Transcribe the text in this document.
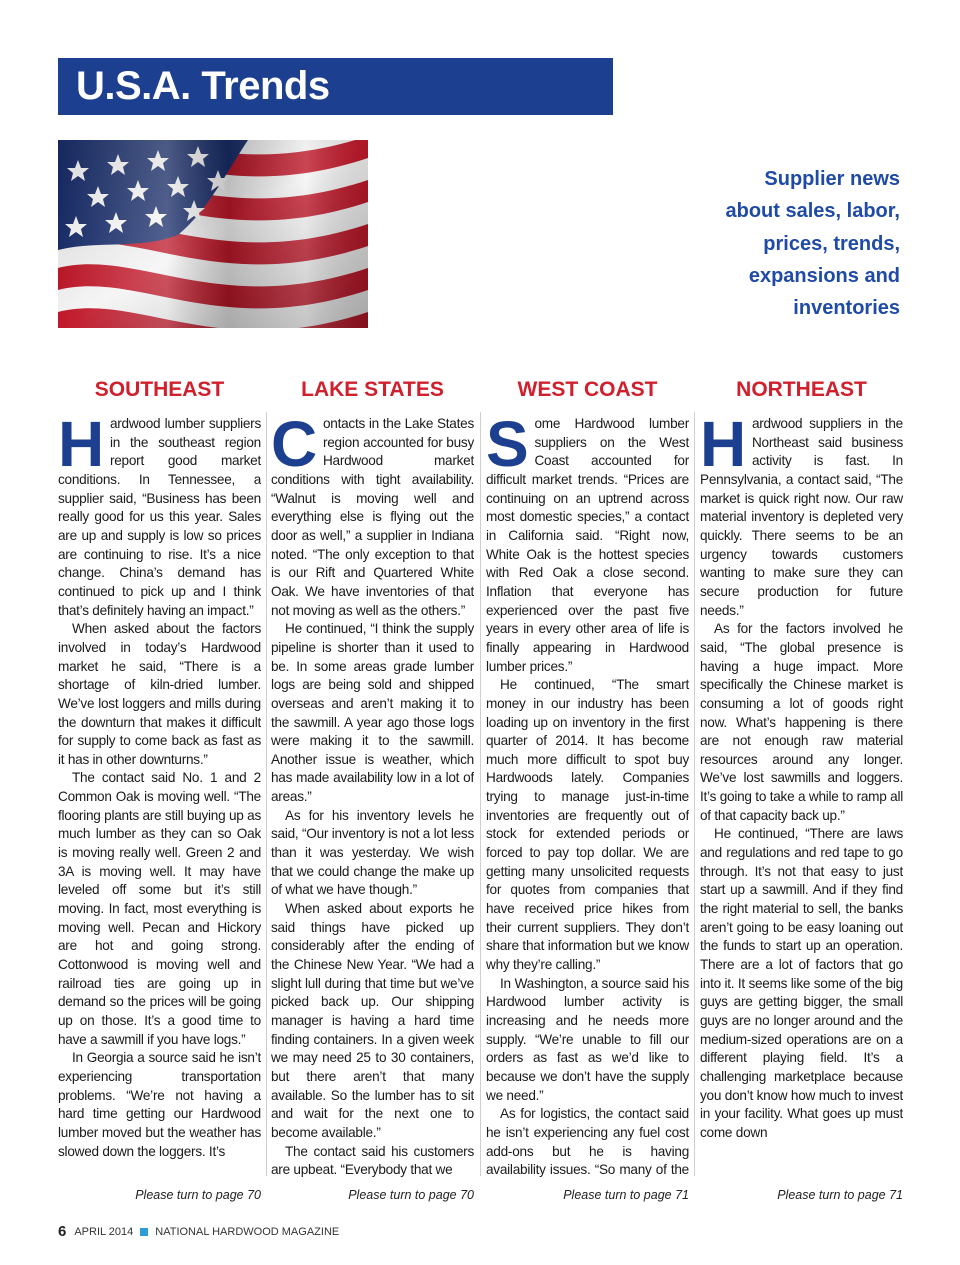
U.S.A. Trends
Supplier news
about sales, labor,
prices, trends,
expansions and
inventories
SOUTHEAST

Hardwood lumber suppliers in the southeast region report good market conditions. In Tennessee, a supplier said, “Business has been really good for us this year. Sales are up and supply is low so prices are continuing to rise. It’s a nice change. China’s demand has continued to pick up and I think that’s definitely having an impact.”

When asked about the factors involved in today’s Hardwood market he said, “There is a shortage of kiln-dried lumber. We’ve lost loggers and mills during the downturn that makes it difficult for supply to come back as fast as it has in other downturns.”

The contact said No. 1 and 2 Common Oak is moving well. “The flooring plants are still buying up as much lumber as they can so Oak is moving really well. Green 2 and 3A is moving well. It may have leveled off some but it’s still moving. In fact, most everything is moving well. Pecan and Hickory are hot and going strong. Cottonwood is moving well and railroad ties are going up in demand so the prices will be going up on those. It’s a good time to have a sawmill if you have logs.”

In Georgia a source said he isn’t experiencing transportation problems. “We’re not having a hard time getting our Hardwood lumber moved but the weather has slowed down the loggers. It’s

Please turn to page 70
LAKE STATES

Contacts in the Lake States region accounted for busy Hardwood market conditions with tight availability. “Walnut is moving well and everything else is flying out the door as well,” a supplier in Indiana noted. “The only exception to that is our Rift and Quartered White Oak. We have inventories of that not moving as well as the others.”

He continued, “I think the supply pipeline is shorter than it used to be. In some areas grade lumber logs are being sold and shipped overseas and aren’t making it to the sawmill. A year ago those logs were making it to the sawmill. Another issue is weather, which has made availability low in a lot of areas.”

As for his inventory levels he said, “Our inventory is not a lot less than it was yesterday. We wish that we could change the make up of what we have though.”

When asked about exports he said things have picked up considerably after the ending of the Chinese New Year. “We had a slight lull during that time but we’ve picked back up. Our shipping manager is having a hard time finding containers. In a given week we may need 25 to 30 containers, but there aren’t that many available. So the lumber has to sit and wait for the next one to become available.”

The contact said his customers are upbeat. “Everybody that we

Please turn to page 70
WEST COAST

Some Hardwood lumber suppliers on the West Coast accounted for difficult market trends. “Prices are continuing on an uptrend across most domestic species,” a contact in California said. “Right now, White Oak is the hottest species with Red Oak a close second. Inflation that everyone has experienced over the past five years in every other area of life is finally appearing in Hardwood lumber prices.”

He continued, “The smart money in our industry has been loading up on inventory in the first quarter of 2014. It has become much more difficult to spot buy Hardwoods lately. Companies trying to manage just-in-time inventories are frequently out of stock for extended periods or forced to pay top dollar. We are getting many unsolicited requests for quotes from companies that have received price hikes from their current suppliers. They don’t share that information but we know why they’re calling.”

In Washington, a source said his Hardwood lumber activity is increasing and he needs more supply. “We’re unable to fill our orders as fast as we’d like to because we don’t have the supply we need.”

As for logistics, the contact said he isn’t experiencing any fuel cost add-ons but he is having availability issues. “So many of the

Please turn to page 71
NORTHEAST

Hardwood suppliers in the Northeast said business activity is fast. In Pennsylvania, a contact said, “The market is quick right now. Our raw material inventory is depleted very quickly. There seems to be an urgency towards customers wanting to make sure they can secure production for future needs.”

As for the factors involved he said, “The global presence is having a huge impact. More specifically the Chinese market is consuming a lot of goods right now. What’s happening is there are not enough raw material resources around any longer. We’ve lost sawmills and loggers. It’s going to take a while to ramp all of that capacity back up.”

He continued, “There are laws and regulations and red tape to go through. It’s not that easy to just start up a sawmill. And if they find the right material to sell, the banks aren’t going to be easy loaning out the funds to start up an operation. There are a lot of factors that go into it. It seems like some of the big guys are getting bigger, the small guys are no longer around and the medium-sized operations are on a different playing field. It’s a challenging marketplace because you don’t know how much to invest in your facility. What goes up must come down

Please turn to page 71
6 APRIL 2014 NATIONAL HARDWOOD MAGAZINE
